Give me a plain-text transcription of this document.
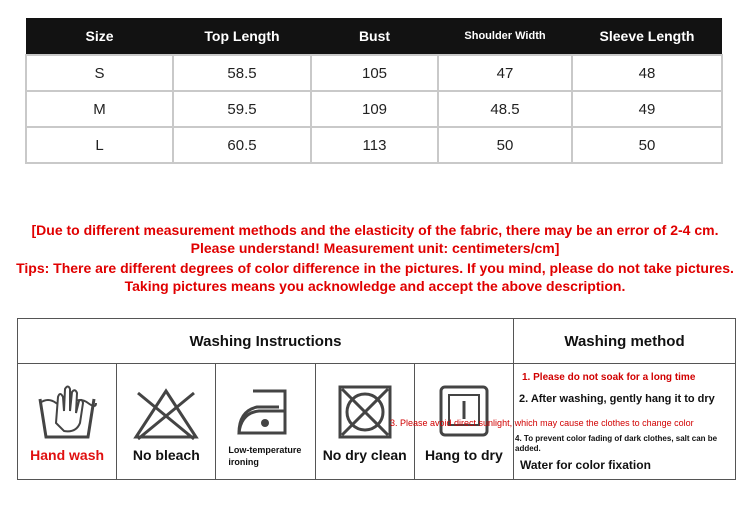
Size	Top Length	Bust	Shoulder Width	Sleeve Length
S	58.5	105	47	48
M	59.5	109	48.5	49
L	60.5	113	50	50
[Due to different measurement methods and the elasticity of the fabric, there may be an error of 2-4 cm.
Please understand! Measurement unit: centimeters/cm]
Tips: There are different degrees of color difference in the pictures. If you mind, please do not take pictures.
Taking pictures means you acknowledge and accept the above description.
Washing Instructions	Washing method
Hand wash	No bleach	Low-temperature ironing	No dry clean	Hang to dry
1. Please do not soak for a long time
2. After washing, gently hang it to dry
3. Please avoid direct sunlight, which may cause the clothes to change color
4. To prevent color fading of dark clothes, salt can be added.
Water for color fixation
